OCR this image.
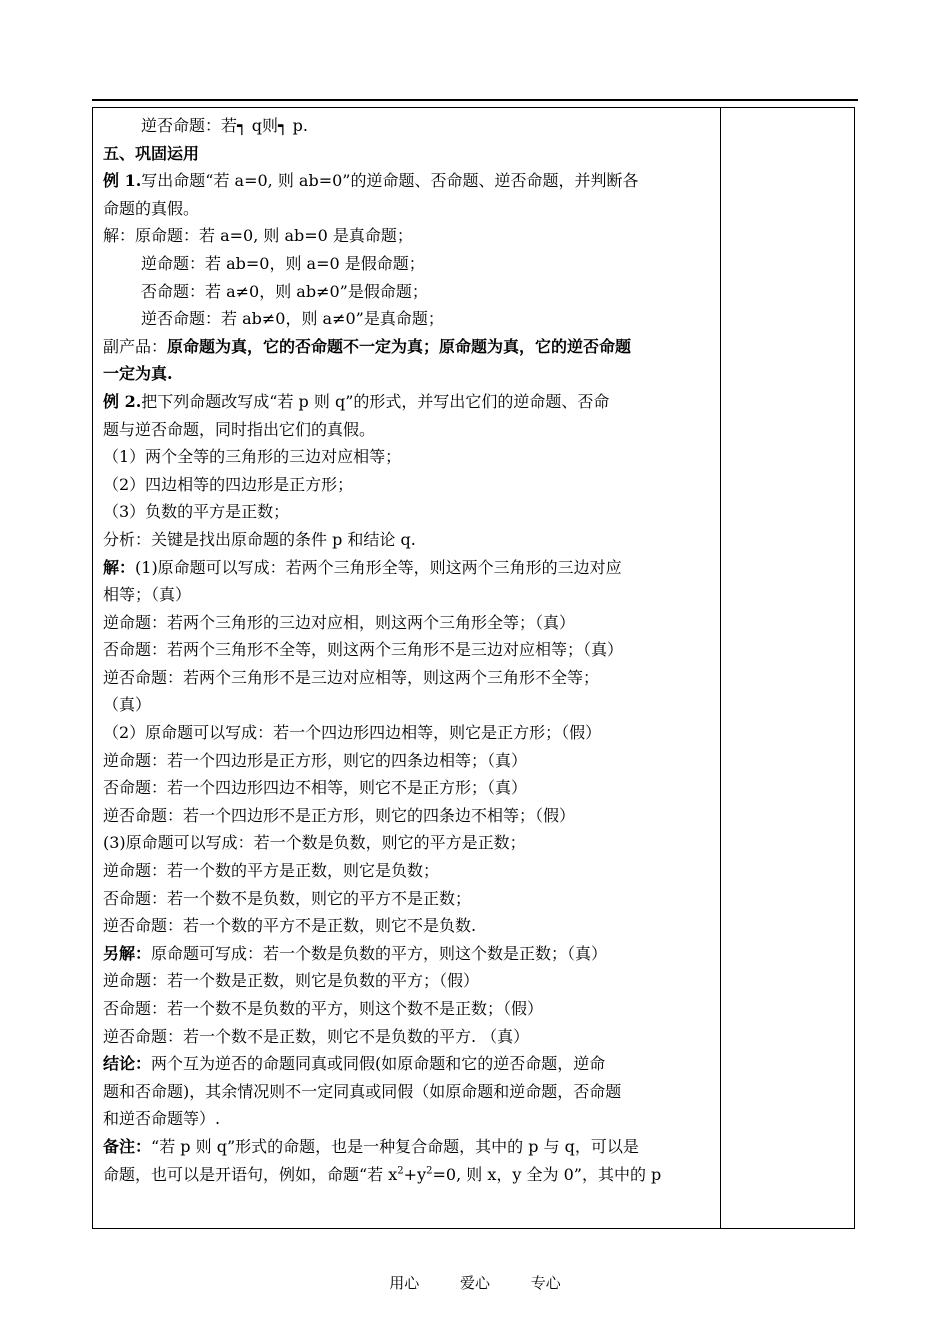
逆否命题：若┑ q则┑ p.
五、巩固运用
例 1.写出命题“若 a=0, 则 ab=0”的逆命题、否命题、逆否命题，并判断各
命题的真假。
解：原命题：若 a=0, 则 ab=0 是真命题；
逆命题：若 ab=0，则 a=0 是假命题；
否命题：若 a≠0，则 ab≠0”是假命题；
逆否命题：若 ab≠0，则 a≠0”是真命题；
副产品：原命题为真，它的否命题不一定为真；原命题为真，它的逆否命题
一定为真.
例 2.把下列命题改写成“若 p 则 q”的形式，并写出它们的逆命题、否命
题与逆否命题，同时指出它们的真假。
（1）两个全等的三角形的三边对应相等；
（2）四边相等的四边形是正方形；
（3）负数的平方是正数；
分析：关键是找出原命题的条件 p 和结论 q.
解：(1)原命题可以写成：若两个三角形全等，则这两个三角形的三边对应
相等；（真）
逆命题：若两个三角形的三边对应相，则这两个三角形全等；（真）
否命题：若两个三角形不全等，则这两个三角形不是三边对应相等；（真）
逆否命题：若两个三角形不是三边对应相等，则这两个三角形不全等；
（真）
（2）原命题可以写成：若一个四边形四边相等，则它是正方形；（假）
逆命题：若一个四边形是正方形，则它的四条边相等；（真）
否命题：若一个四边形四边不相等，则它不是正方形；（真）
逆否命题：若一个四边形不是正方形，则它的四条边不相等；（假）
(3)原命题可以写成：若一个数是负数，则它的平方是正数；
逆命题：若一个数的平方是正数，则它是负数；
否命题：若一个数不是负数，则它的平方不是正数；
逆否命题：若一个数的平方不是正数，则它不是负数.
另解：原命题可写成：若一个数是负数的平方，则这个数是正数；（真）
逆命题：若一个数是正数，则它是负数的平方；（假）
否命题：若一个数不是负数的平方，则这个数不是正数；（假）
逆否命题：若一个数不是正数，则它不是负数的平方. （真）
结论：两个互为逆否的命题同真或同假(如原命题和它的逆否命题，逆命
题和否命题)，其余情况则不一定同真或同假（如原命题和逆命题，否命题
和逆否命题等）.
备注：“若 p 则 q”形式的命题，也是一种复合命题，其中的 p 与 q，可以是
命题，也可以是开语句，例如，命题“若 $x^2+y^2=0$, 则 x，y 全为 0”，其中的 p
用心	爱心	专心
